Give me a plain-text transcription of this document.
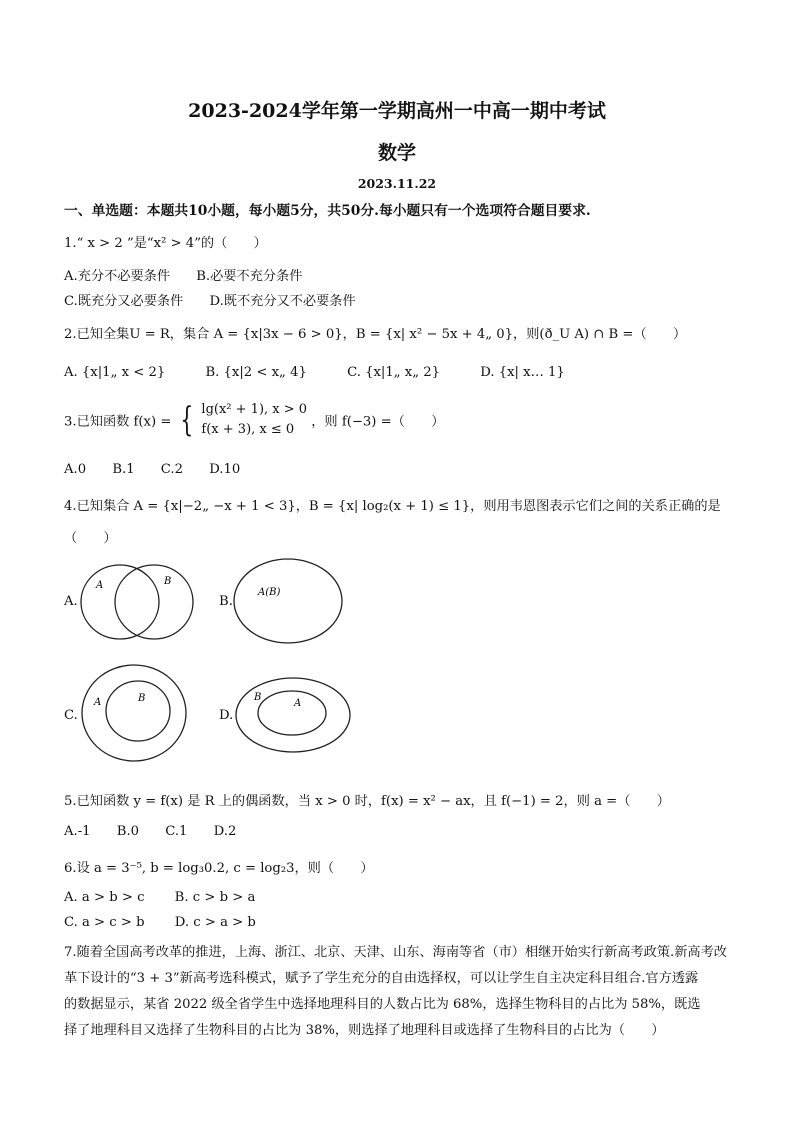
2023-2024学年第一学期高州一中高一期中考试
数学
2023.11.22
一、单选题：本题共10小题，每小题5分，共50分.每小题只有一个选项符合题目要求.
1.“ x > 2 ”是“x² > 4”的（　　）
A.充分不必要条件 B.必要不充分条件
C.既充分又必要条件 D.既不充分又不必要条件
2.已知全集U = R，集合 A = {x|3x − 6 > 0}，B = {x| x² − 5x + 4„ 0}，则(ð_U A) ∩ B =（　　）
A. {x|1„ x < 2}	B. {x|2 < x„ 4}	C. {x|1„ x„ 2}	D. {x| x… 1}
3.已知函数 f(x) = { lg(x² + 1), x > 0
f(x + 3), x ≤ 0	，则 f(−3) =（　　）
A.0 B.1 C.2 D.10
4.已知集合 A = {x|−2„ −x + 1 < 3}，B = {x| log₂(x + 1) ≤ 1}，则用韦恩图表示它们之间的关系正确的是
（　　）
A.
A	B
B.
A(B)
C.
A	B
D.
B
A
5.已知函数 y = f(x) 是 R 上的偶函数，当 x > 0 时，f(x) = x² − ax，且 f(−1) = 2，则 a =（　　）
A.-1 B.0 C.1 D.2
6.设 a = 3⁻⁵, b = log₃0.2, c = log₂3，则（　　）
A. a > b > c B. c > b > a
C. a > c > b D. c > a > b
7.随着全国高考改革的推进，上海、浙江、北京、天津、山东、海南等省（市）相继开始实行新高考政策.新高考改
革下设计的“3 + 3”新高考选科模式，赋予了学生充分的自由选择权，可以让学生自主决定科目组合.官方透露
的数据显示，某省 2022 级全省学生中选择地理科目的人数占比为 68%，选择生物科目的占比为 58%，既选
择了地理科目又选择了生物科目的占比为 38%，则选择了地理科目或选择了生物科目的占比为（　　）
